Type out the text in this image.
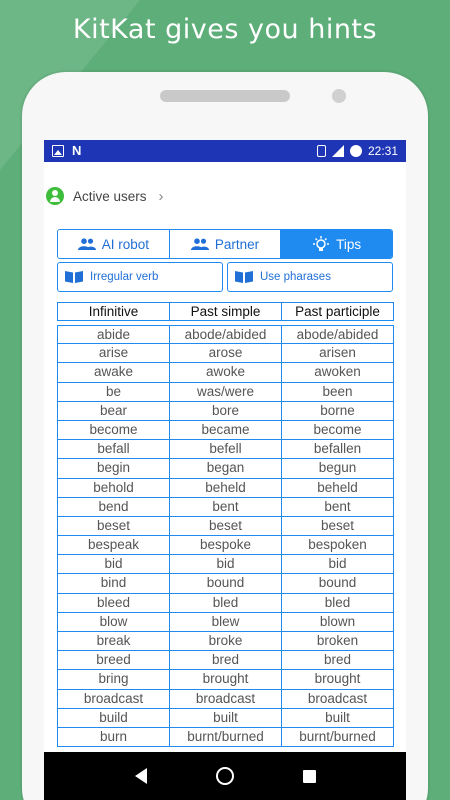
KitKat gives you hints
N	22:31
Active users ›
AI robot	Partner	Tips
Irregular verb	Use pharases
Infinitive	Past simple	Past participle
abide	abode/abided	abode/abided
arise	arose	arisen
awake	awoke	awoken
be	was/were	been
bear	bore	borne
become	became	become
befall	befell	befallen
begin	began	begun
behold	beheld	beheld
bend	bent	bent
beset	beset	beset
bespeak	bespoke	bespoken
bid	bid	bid
bind	bound	bound
bleed	bled	bled
blow	blew	blown
break	broke	broken
breed	bred	bred
bring	brought	brought
broadcast	broadcast	broadcast
build	built	built
burn	burnt/burned	burnt/burned
